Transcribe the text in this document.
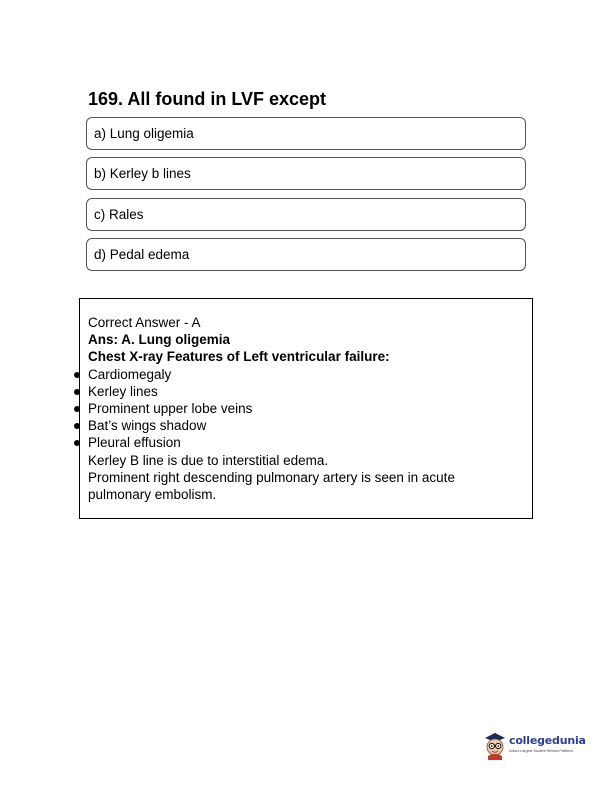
169. All found in LVF except
a) Lung oligemia
b) Kerley b lines
c) Rales
d) Pedal edema
Correct Answer - A
Ans: A. Lung oligemia
Chest X-ray Features of Left ventricular failure:
Cardiomegaly
Kerley lines
Prominent upper lobe veins
Bat’s wings shadow
Pleural effusion
Kerley B line is due to interstitial edema.
Prominent right descending pulmonary artery is seen in acute pulmonary embolism.
collegedunia
India's Largest Student Review Platform
